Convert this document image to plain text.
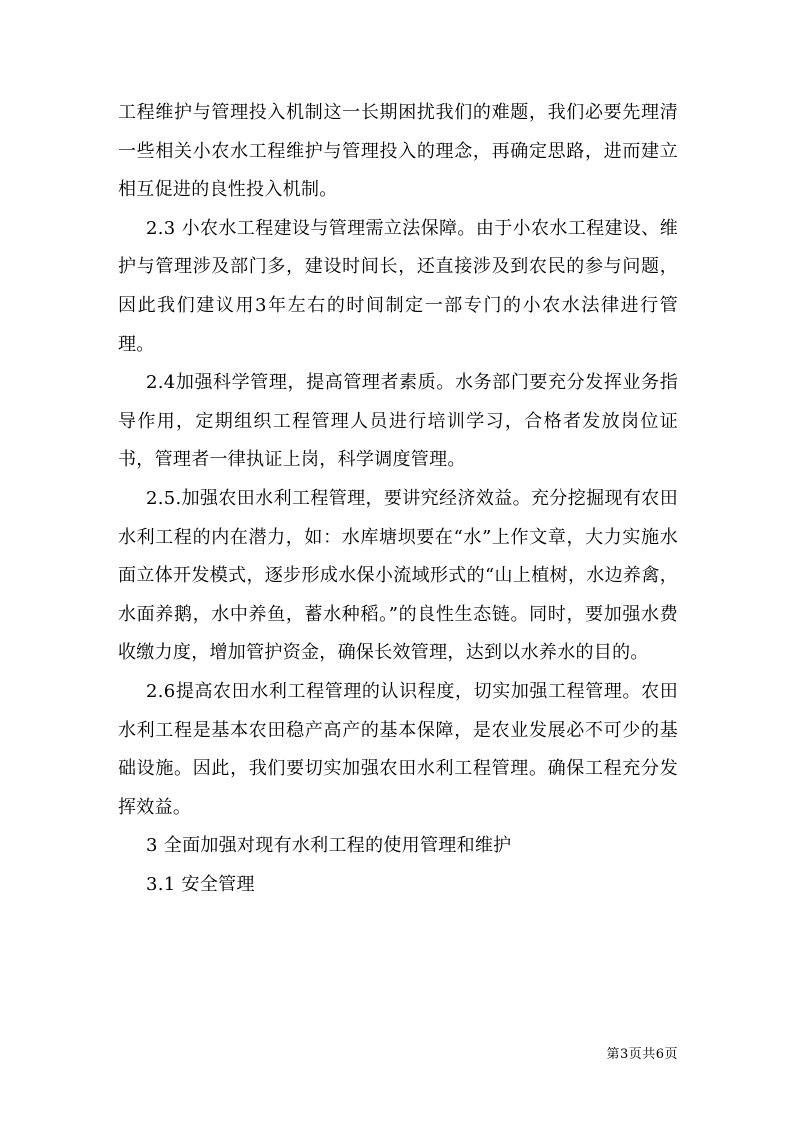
工程维护与管理投入机制这一长期困扰我们的难题，我们必要先理清一些相关小农水工程维护与管理投入的理念，再确定思路，进而建立相互促进的良性投入机制。

2.3 小农水工程建设与管理需立法保障。由于小农水工程建设、维护与管理涉及部门多，建设时间长，还直接涉及到农民的参与问题，因此我们建议用3年左右的时间制定一部专门的小农水法律进行管理。

2.4加强科学管理，提高管理者素质。水务部门要充分发挥业务指导作用，定期组织工程管理人员进行培训学习，合格者发放岗位证书，管理者一律执证上岗，科学调度管理。

2.5.加强农田水利工程管理，要讲究经济效益。充分挖掘现有农田水利工程的内在潜力，如：水库塘坝要在“水”上作文章，大力实施水面立体开发模式，逐步形成水保小流域形式的“山上植树，水边养禽，水面养鹅，水中养鱼，蓄水种稻。”的良性生态链。同时，要加强水费收缴力度，增加管护资金，确保长效管理，达到以水养水的目的。

2.6提高农田水利工程管理的认识程度，切实加强工程管理。农田水利工程是基本农田稳产高产的基本保障，是农业发展必不可少的基础设施。因此，我们要切实加强农田水利工程管理。确保工程充分发挥效益。

3 全面加强对现有水利工程的使用管理和维护

3.1 安全管理

第3页共6页
